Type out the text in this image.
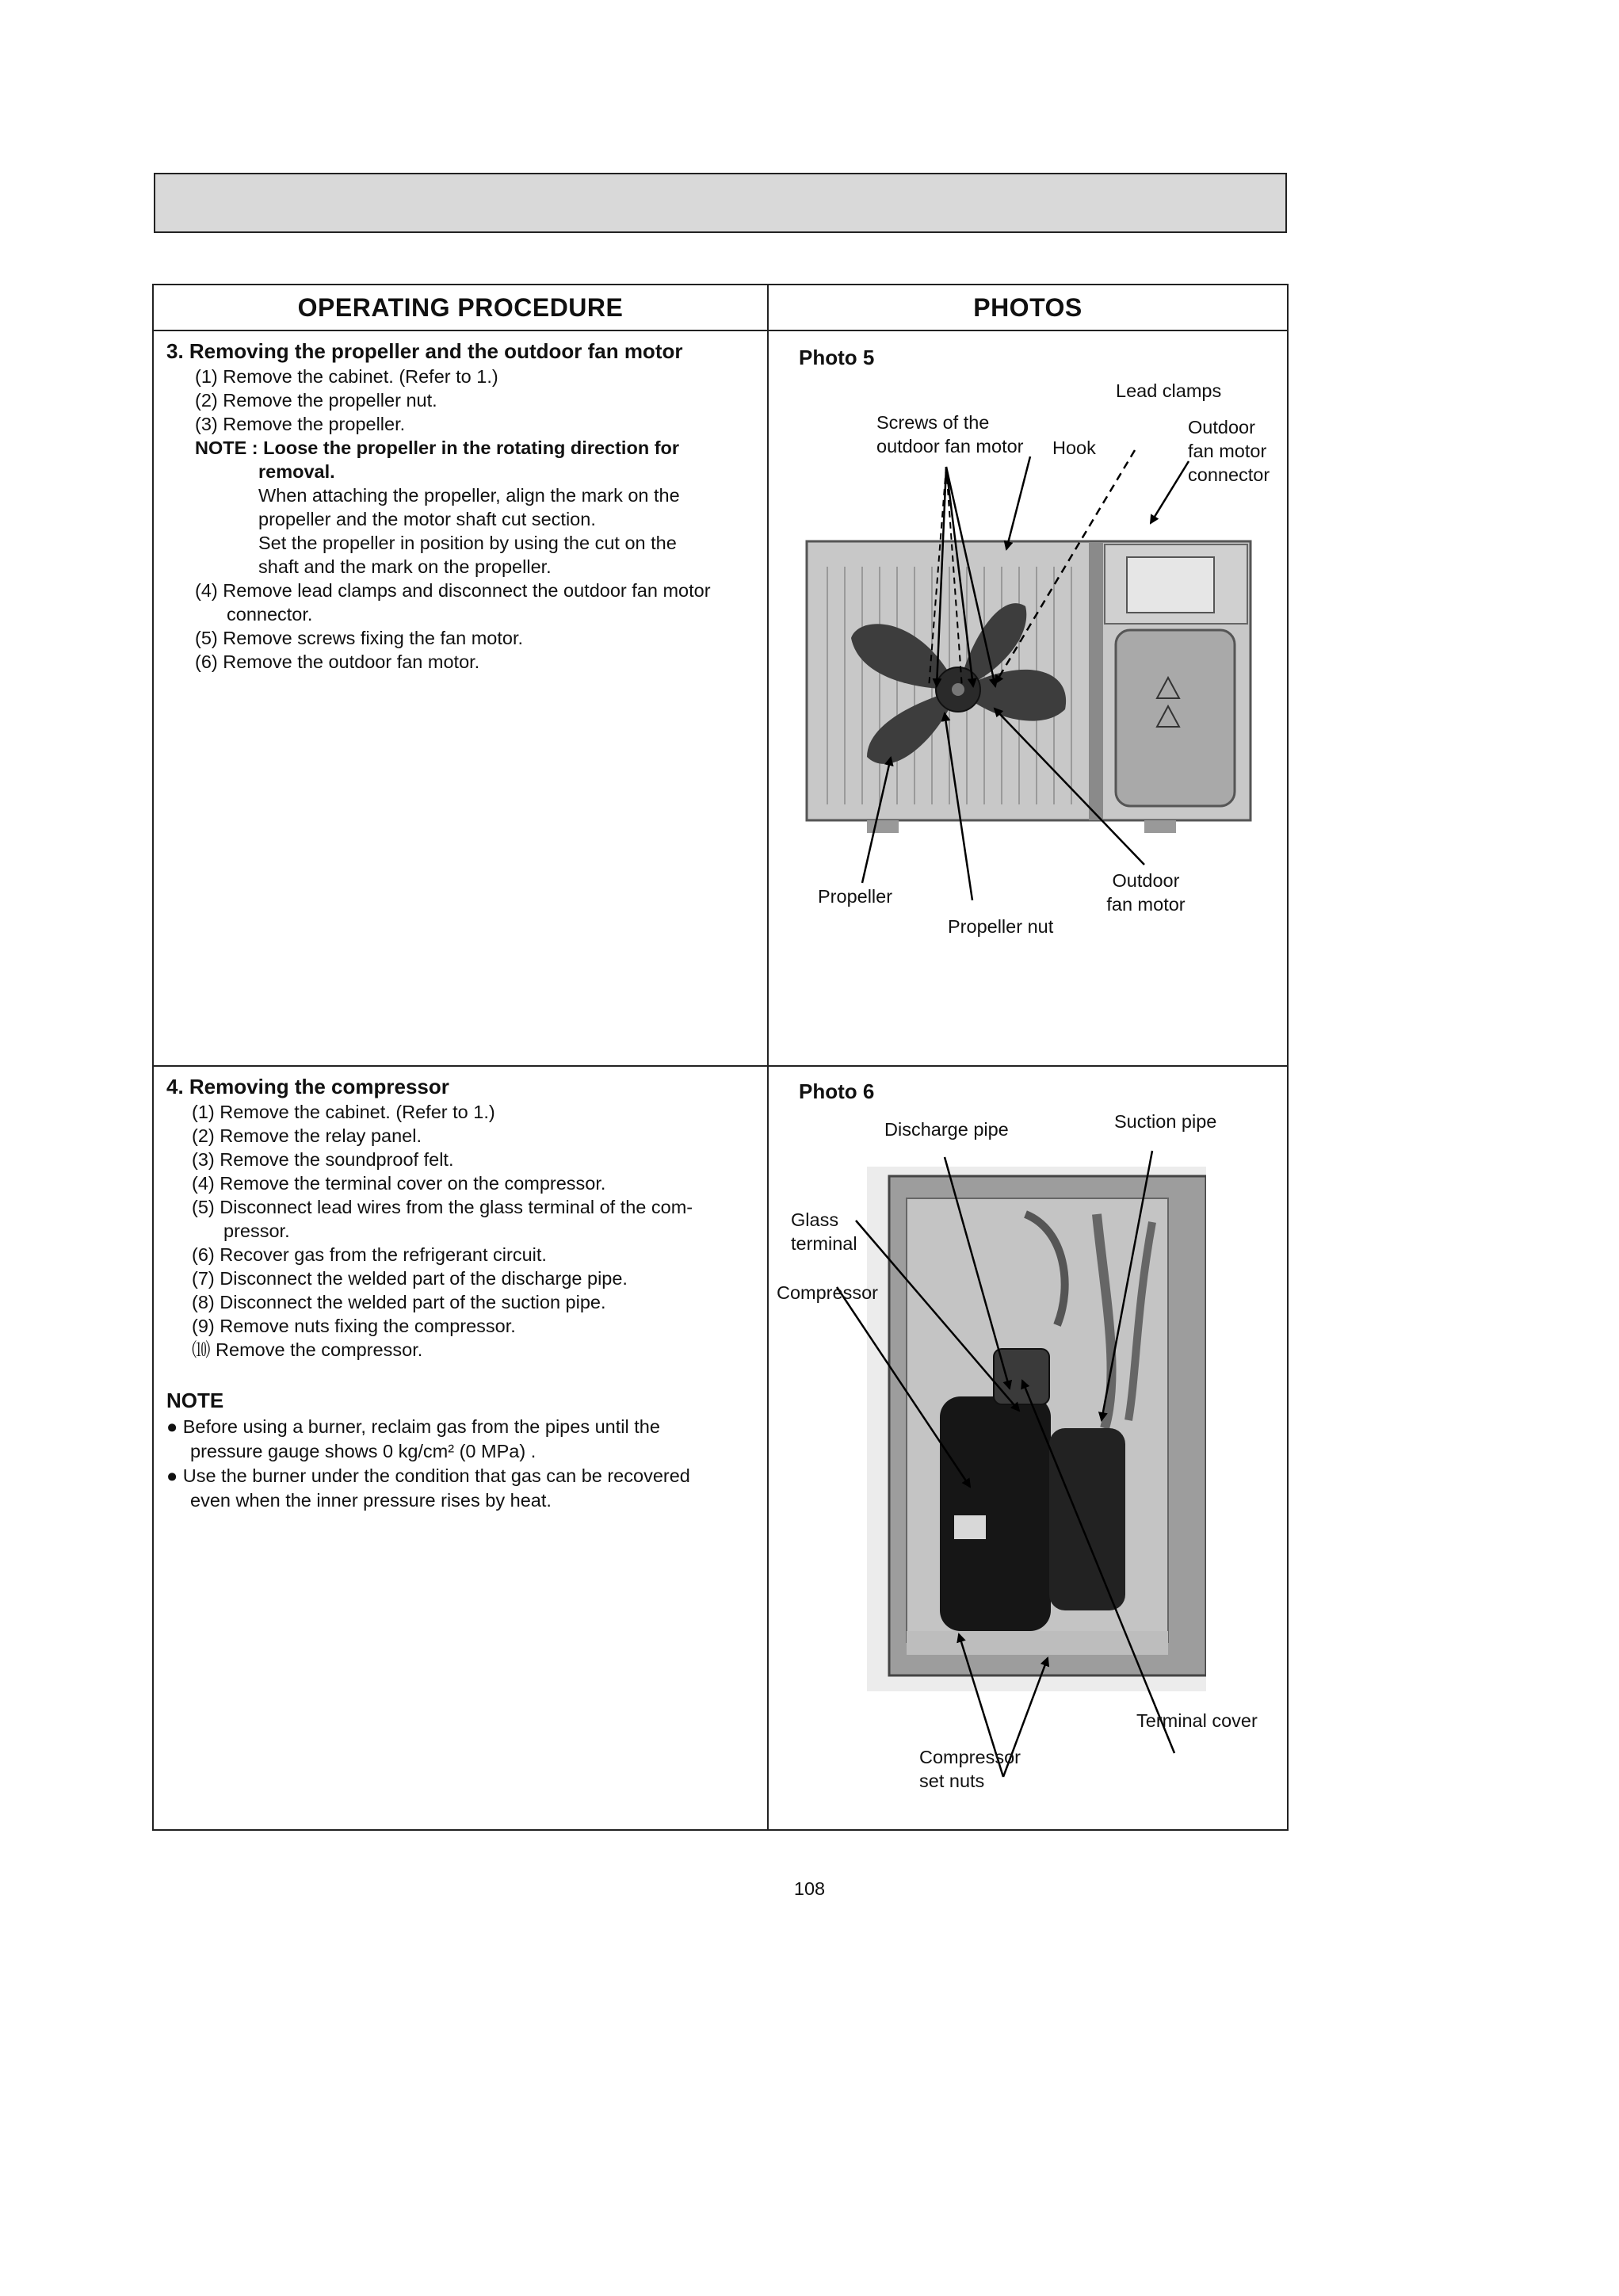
OPERATING PROCEDURE	PHOTOS
3. Removing the propeller and the outdoor fan motor
(1) Remove the cabinet. (Refer to 1.)
(2) Remove the propeller nut.
(3) Remove the propeller.
NOTE : Loose the propeller in the rotating direction for
removal.
When attaching the propeller, align the mark on the
propeller and the motor shaft cut section.
Set the propeller in position by using the cut on the
shaft and the mark on the propeller.
(4) Remove lead clamps and disconnect the outdoor fan motor
connector.
(5) Remove screws fixing the fan motor.
(6) Remove the outdoor fan motor.
4. Removing the compressor
(1) Remove the cabinet. (Refer to 1.)
(2) Remove the relay panel.
(3) Remove the soundproof felt.
(4) Remove the terminal cover on the compressor.
(5) Disconnect lead wires from the glass terminal of the com-
pressor.
(6) Recover gas from the refrigerant circuit.
(7) Disconnect the welded part of the discharge pipe.
(8) Disconnect the welded part of the suction pipe.
(9) Remove nuts fixing the compressor.
⑽ Remove the compressor.
NOTE
● Before using a burner, reclaim gas from the pipes until the
pressure gauge shows 0 kg/cm² (0 MPa) .
● Use the burner under the condition that gas can be recovered
even when the inner pressure rises by heat.
Photo 5
Lead clamps
Screws of the
outdoor fan motor Hook
Outdoor
fan motor
connector
Propeller
Outdoor
fan motor
Propeller nut
Photo 6
Discharge pipe	Suction pipe
Glass
terminal
Compressor
Terminal cover
Compressor
set nuts
108
